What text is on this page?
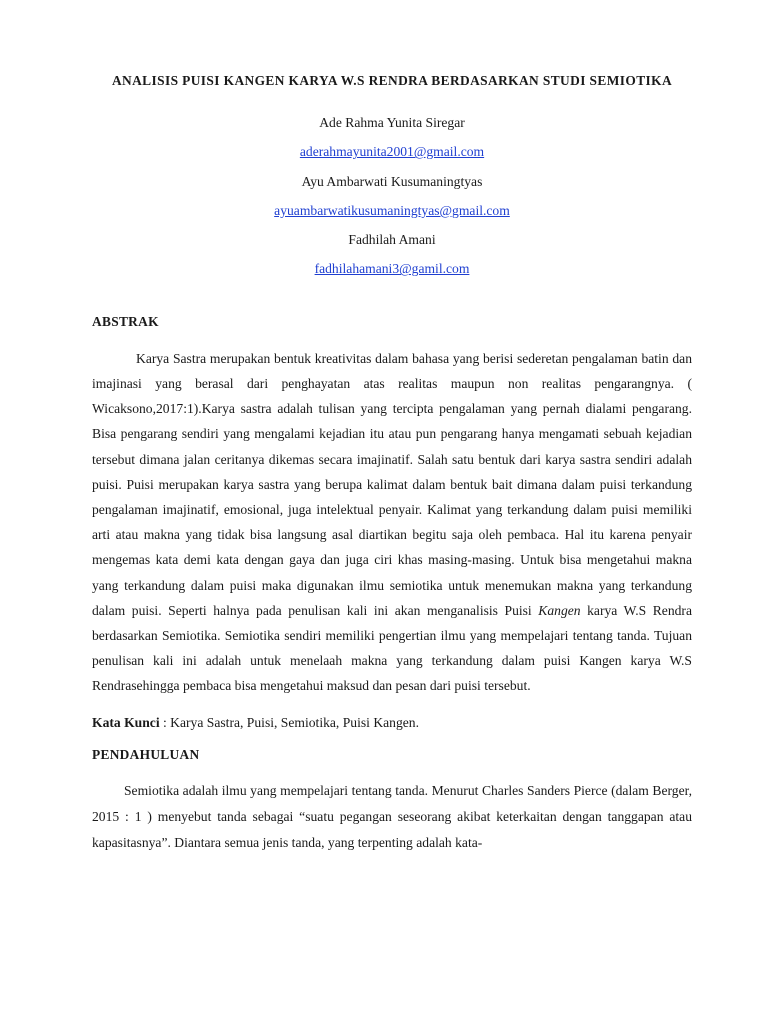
ANALISIS PUISI KANGEN KARYA W.S RENDRA BERDASARKAN STUDI SEMIOTIKA
Ade Rahma Yunita Siregar
aderahmayunita2001@gmail.com
Ayu Ambarwati Kusumaningtyas
ayuambarwatikusumaningtyas@gmail.com
Fadhilah Amani
fadhilahamani3@gamil.com
ABSTRAK

Karya Sastra merupakan bentuk kreativitas dalam bahasa yang berisi sederetan pengalaman batin dan imajinasi yang berasal dari penghayatan atas realitas maupun non realitas pengarangnya. ( Wicaksono,2017:1).Karya sastra adalah tulisan yang tercipta pengalaman yang pernah dialami pengarang. Bisa pengarang sendiri yang mengalami kejadian itu atau pun pengarang hanya mengamati sebuah kejadian tersebut dimana jalan ceritanya dikemas secara imajinatif. Salah satu bentuk dari karya sastra sendiri adalah puisi. Puisi merupakan karya sastra yang berupa kalimat dalam bentuk bait dimana dalam puisi terkandung pengalaman imajinatif, emosional, juga intelektual penyair. Kalimat yang terkandung dalam puisi memiliki arti atau makna yang tidak bisa langsung asal diartikan begitu saja oleh pembaca. Hal itu karena penyair mengemas kata demi kata dengan gaya dan juga ciri khas masing-masing. Untuk bisa mengetahui makna yang terkandung dalam puisi maka digunakan ilmu semiotika untuk menemukan makna yang terkandung dalam puisi. Seperti halnya pada penulisan kali ini akan menganalisis Puisi Kangen karya W.S Rendra berdasarkan Semiotika. Semiotika sendiri memiliki pengertian ilmu yang mempelajari tentang tanda. Tujuan penulisan kali ini adalah untuk menelaah makna yang terkandung dalam puisi Kangen karya W.S Rendrasehingga pembaca bisa mengetahui maksud dan pesan dari puisi tersebut.

Kata Kunci : Karya Sastra, Puisi, Semiotika, Puisi Kangen.
PENDAHULUAN

Semiotika adalah ilmu yang mempelajari tentang tanda. Menurut Charles Sanders Pierce (dalam Berger, 2015 : 1 ) menyebut tanda sebagai “suatu pegangan seseorang akibat keterkaitan dengan tanggapan atau kapasitasnya”. Diantara semua jenis tanda, yang terpenting adalah kata-
